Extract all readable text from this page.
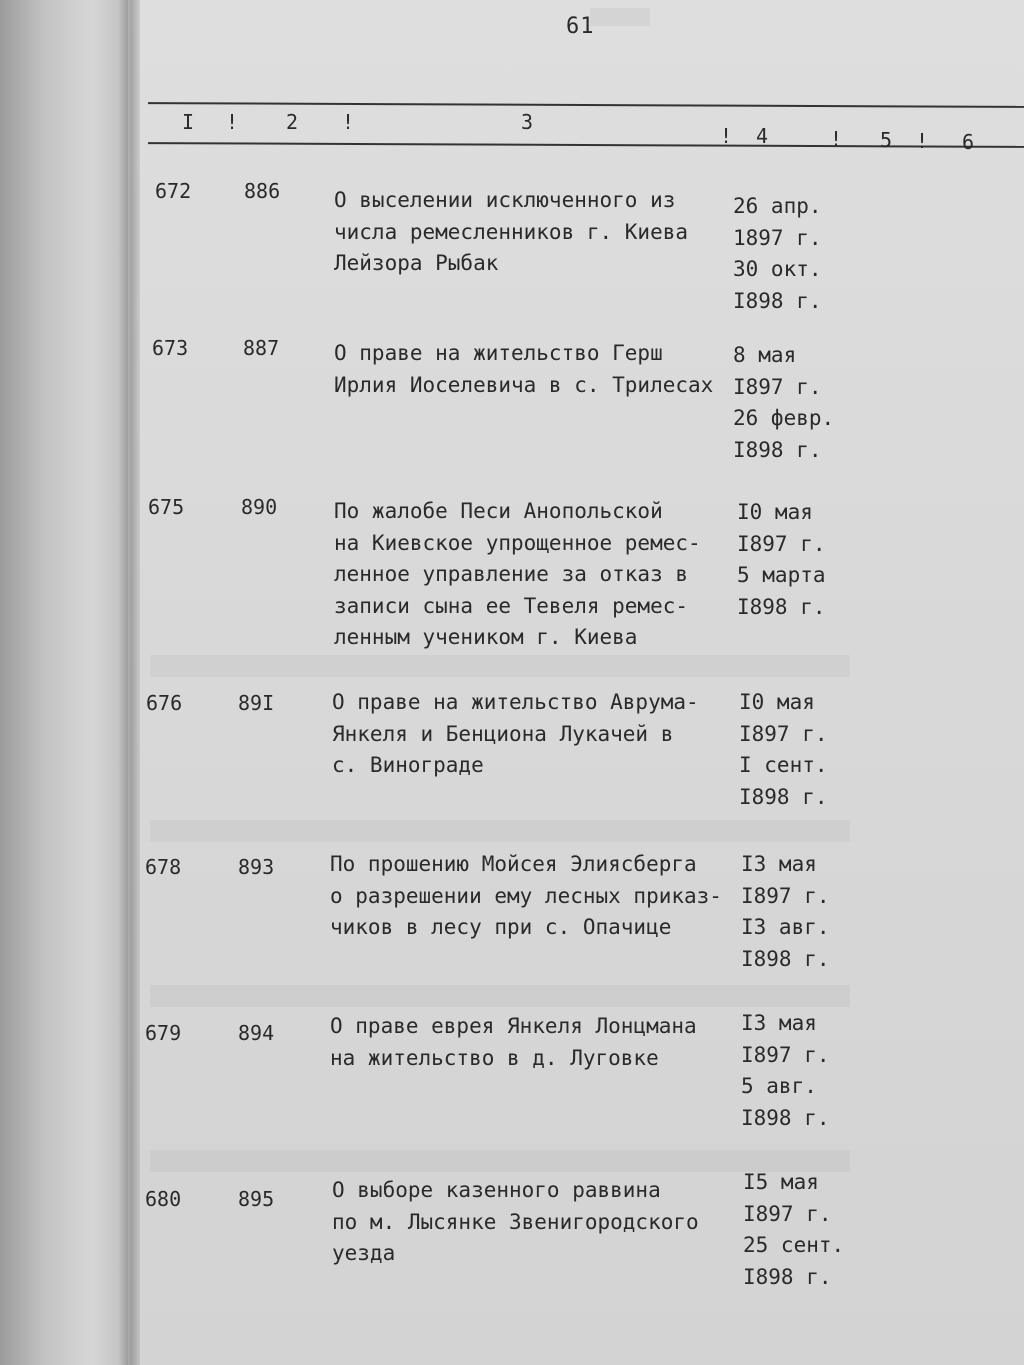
61
I ! 2 !	3
! 4	! 5 ! 6
672	886	О выселении исключенного из
числа ремесленников г. Киева
Лейзора Рыбак
26 апр.
1897 г.
30 окт.
I898 г.
673	887	О праве на жительство Герш
Ирлия Иоселевича в с. Трилесах
8 мая
I897 г.
26 февр.
I898 г.
675	890	По жалобе Песи Анопольской
на Киевское упрощенное ремес-
ленное управление за отказ в
записи сына ее Тевеля ремес-
ленным учеником г. Киева
I0 мая
I897 г.
5 марта
I898 г.
676	89I	О праве на жительство Аврума-
Янкеля и Бенциона Лукачей в
с. Винограде
I0 мая
I897 г.
I сент.
I898 г.
678	893	По прошению Мойсея Элиясберга
о разрешении ему лесных приказ-
чиков в лесу при с. Опачице
I3 мая
I897 г.
I3 авг.
I898 г.
679	894	О праве еврея Янкеля Лонцмана
на жительство в д. Луговке
I3 мая
I897 г.
5 авг.
I898 г.
680	895	О выборе казенного раввина
по м. Лысянке Звенигородского
уезда
I5 мая
I897 г.
25 сент.
I898 г.
